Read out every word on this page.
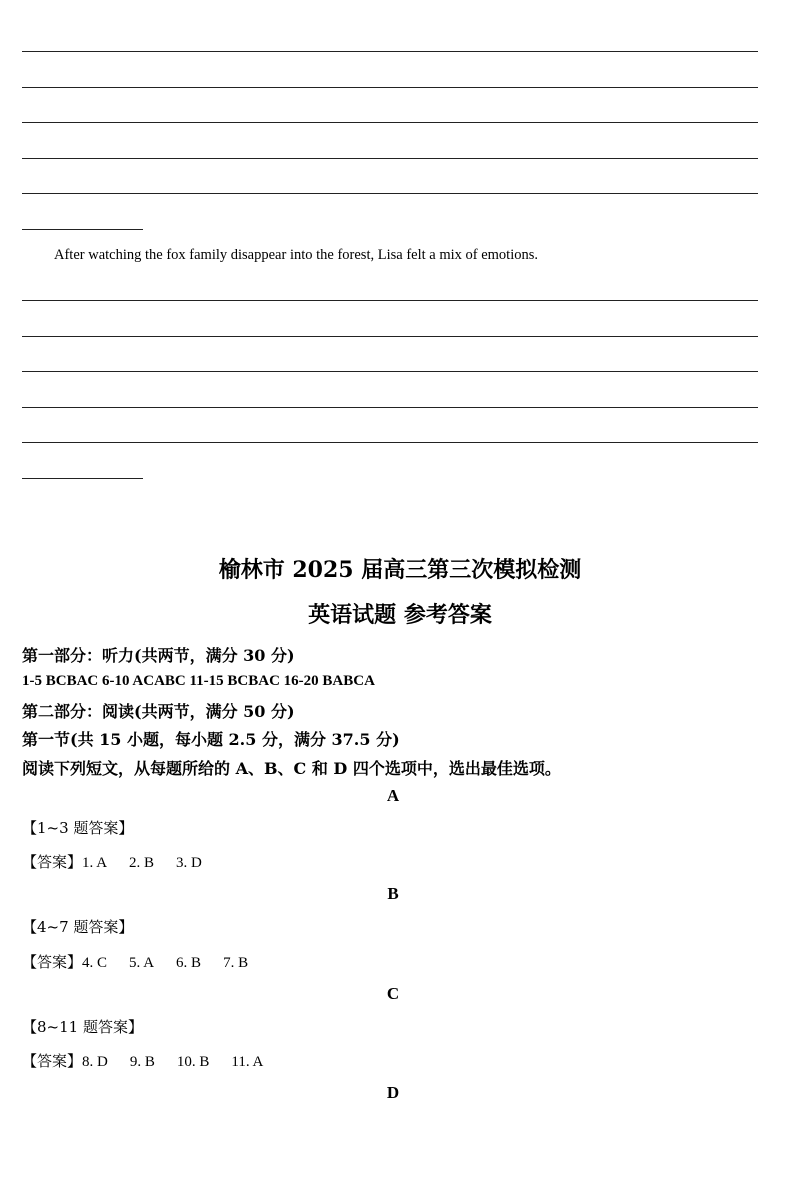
After watching the fox family disappear into the forest, Lisa felt a mix of emotions.
榆林市 2025 届高三第三次模拟检测
英语试题 参考答案
第一部分：听力(共两节，满分 30 分)
1-5 BCBAC 6-10 ACABC 11-15 BCBAC 16-20 BABCA
第二部分：阅读(共两节，满分 50 分)
第一节(共 15 小题，每小题 2.5 分，满分 37.5 分)
阅读下列短文，从每题所给的 A、B、C 和 D 四个选项中，选出最佳选项。
A
【1~3 题答案】
【答案】1. A 2. B 3. D
B
【4~7 题答案】
【答案】4. C 5. A 6. B 7. B
C
【8~11 题答案】
【答案】8. D 9. B 10. B 11. A
D
